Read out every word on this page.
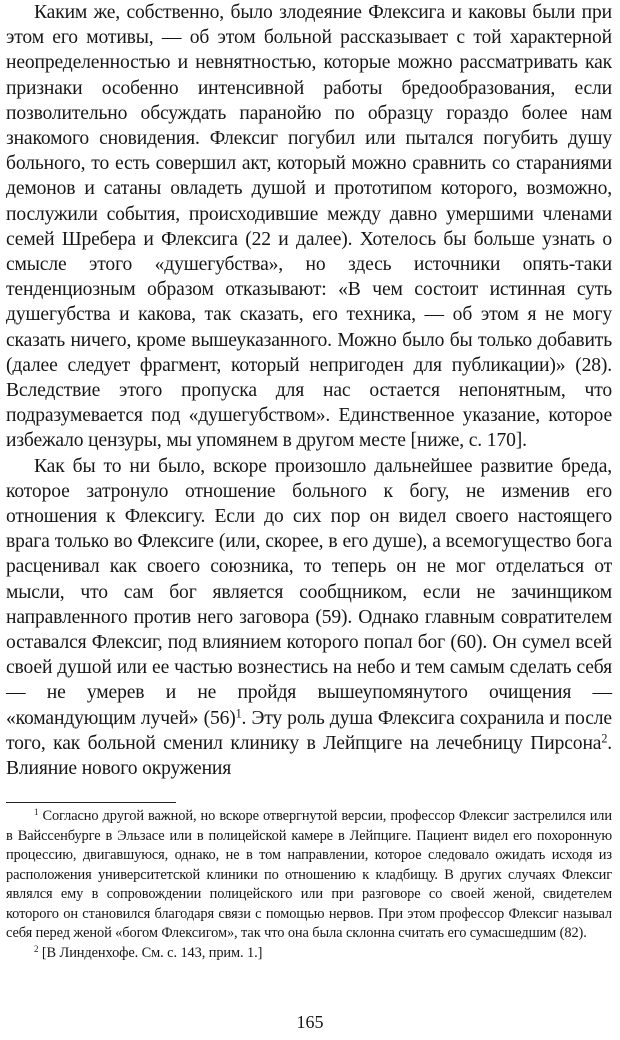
Каким же, собственно, было злодеяние Флексига и каковы были при этом его мотивы, — об этом больной рассказывает с той характерной неопределенностью и невнятностью, которые можно рассматривать как признаки особенно интенсивной работы бредообразования, если позволительно обсуждать паранойю по образцу гораздо более нам знакомого сновидения. Флексиг погубил или пытался погубить душу больного, то есть совершил акт, который можно сравнить со стараниями демонов и сатаны овладеть душой и прототипом которого, возможно, послужили события, происходившие между давно умершими членами семей Шребера и Флексига (22 и далее). Хотелось бы больше узнать о смысле этого «душегубства», но здесь источники опять-таки тенденциозным образом отказывают: «В чем состоит истинная суть душегубства и какова, так сказать, его техника, — об этом я не могу сказать ничего, кроме вышеуказанного. Можно было бы только добавить (далее следует фрагмент, который непригоден для публикации)» (28). Вследствие этого пропуска для нас остается непонятным, что подразумевается под «душегубством». Единственное указание, которое избежало цензуры, мы упомянем в другом месте [ниже, с. 170].

Как бы то ни было, вскоре произошло дальнейшее развитие бреда, которое затронуло отношение больного к богу, не изменив его отношения к Флексигу. Если до сих пор он видел своего настоящего врага только во Флексиге (или, скорее, в его душе), а всемогущество бога расценивал как своего союзника, то теперь он не мог отделаться от мысли, что сам бог является сообщником, если не зачинщиком направленного против него заговора (59). Однако главным совратителем оставался Флексиг, под влиянием которого попал бог (60). Он сумел всей своей душой или ее частью вознестись на небо и тем самым сделать себя — не умерев и не пройдя вышеупомянутого очищения — «командующим лучей» $(56)^1$. Эту роль душа Флексига сохранила и после того, как больной сменил клинику в Лейпциге на лечебницу Пирсона$^2$. Влияние нового окружения

$^1$ Согласно другой важной, но вскоре отвергнутой версии, профессор Флексиг застрелился или в Вайссенбурге в Эльзасе или в полицейской камере в Лейпциге. Пациент видел его похоронную процессию, двигавшуюся, однако, не в том направлении, которое следовало ожидать исходя из расположения университетской клиники по отношению к кладбищу. В других случаях Флексиг являлся ему в сопровождении полицейского или при разговоре со своей женой, свидетелем которого он становился благодаря связи с помощью нервов. При этом профессор Флексиг называл себя перед женой «богом Флексигом», так что она была склонна считать его сумасшедшим (82).

$^2$ [В Линденхофе. См. с. 143, прим. 1.]

165
